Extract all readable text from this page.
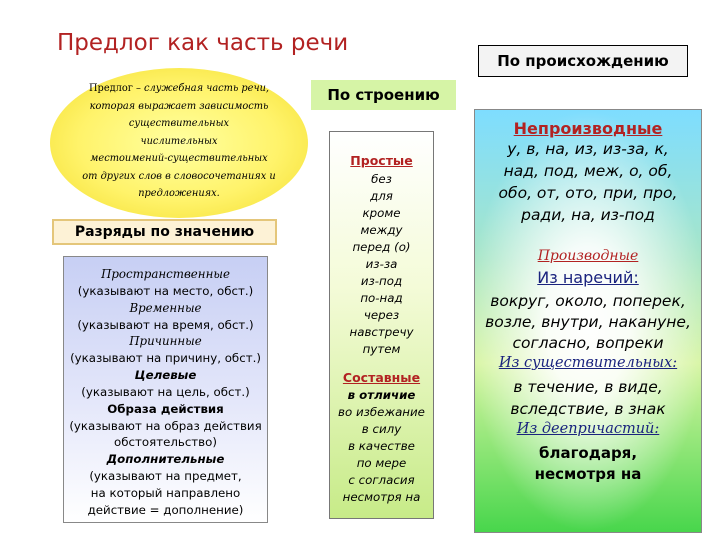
Предлог как часть речи
По происхождению
Предлог – служебная часть речи,
которая выражает зависимость
существительных
числительных
местоимений-существительных
от других слов в словосочетаниях и
предложениях.
Разряды по значению
Пространственные
(указывают на место, обст.)
Временные
(указывают на время, обст.)
Причинные
(указывают на причину, обст.)
Целевые
(указывают на цель, обст.)
Образа действия
(указывают на образ действия
обстоятельство)
Дополнительные
(указывают на предмет,
на который направлено
действие = дополнение)
По строению
Простые
без
для
кроме
между
перед (о)
из-за
из-под
по-над
через
навстречу
путем
Составные
в отличие
во избежание
в силу
в качестве
по мере
с согласия
несмотря на
Непроизводные
у, в, на, из, из-за, к,
над, под, меж, о, об,
обо, от, ото, при, про,
ради, на, из-под
Производные
Из наречий:
вокруг, около, поперек,
возле, внутри, накануне,
согласно, вопреки
Из существительных:
в течение, в виде,
вследствие, в знак
Из деепричастий:
благодаря,
несмотря на
